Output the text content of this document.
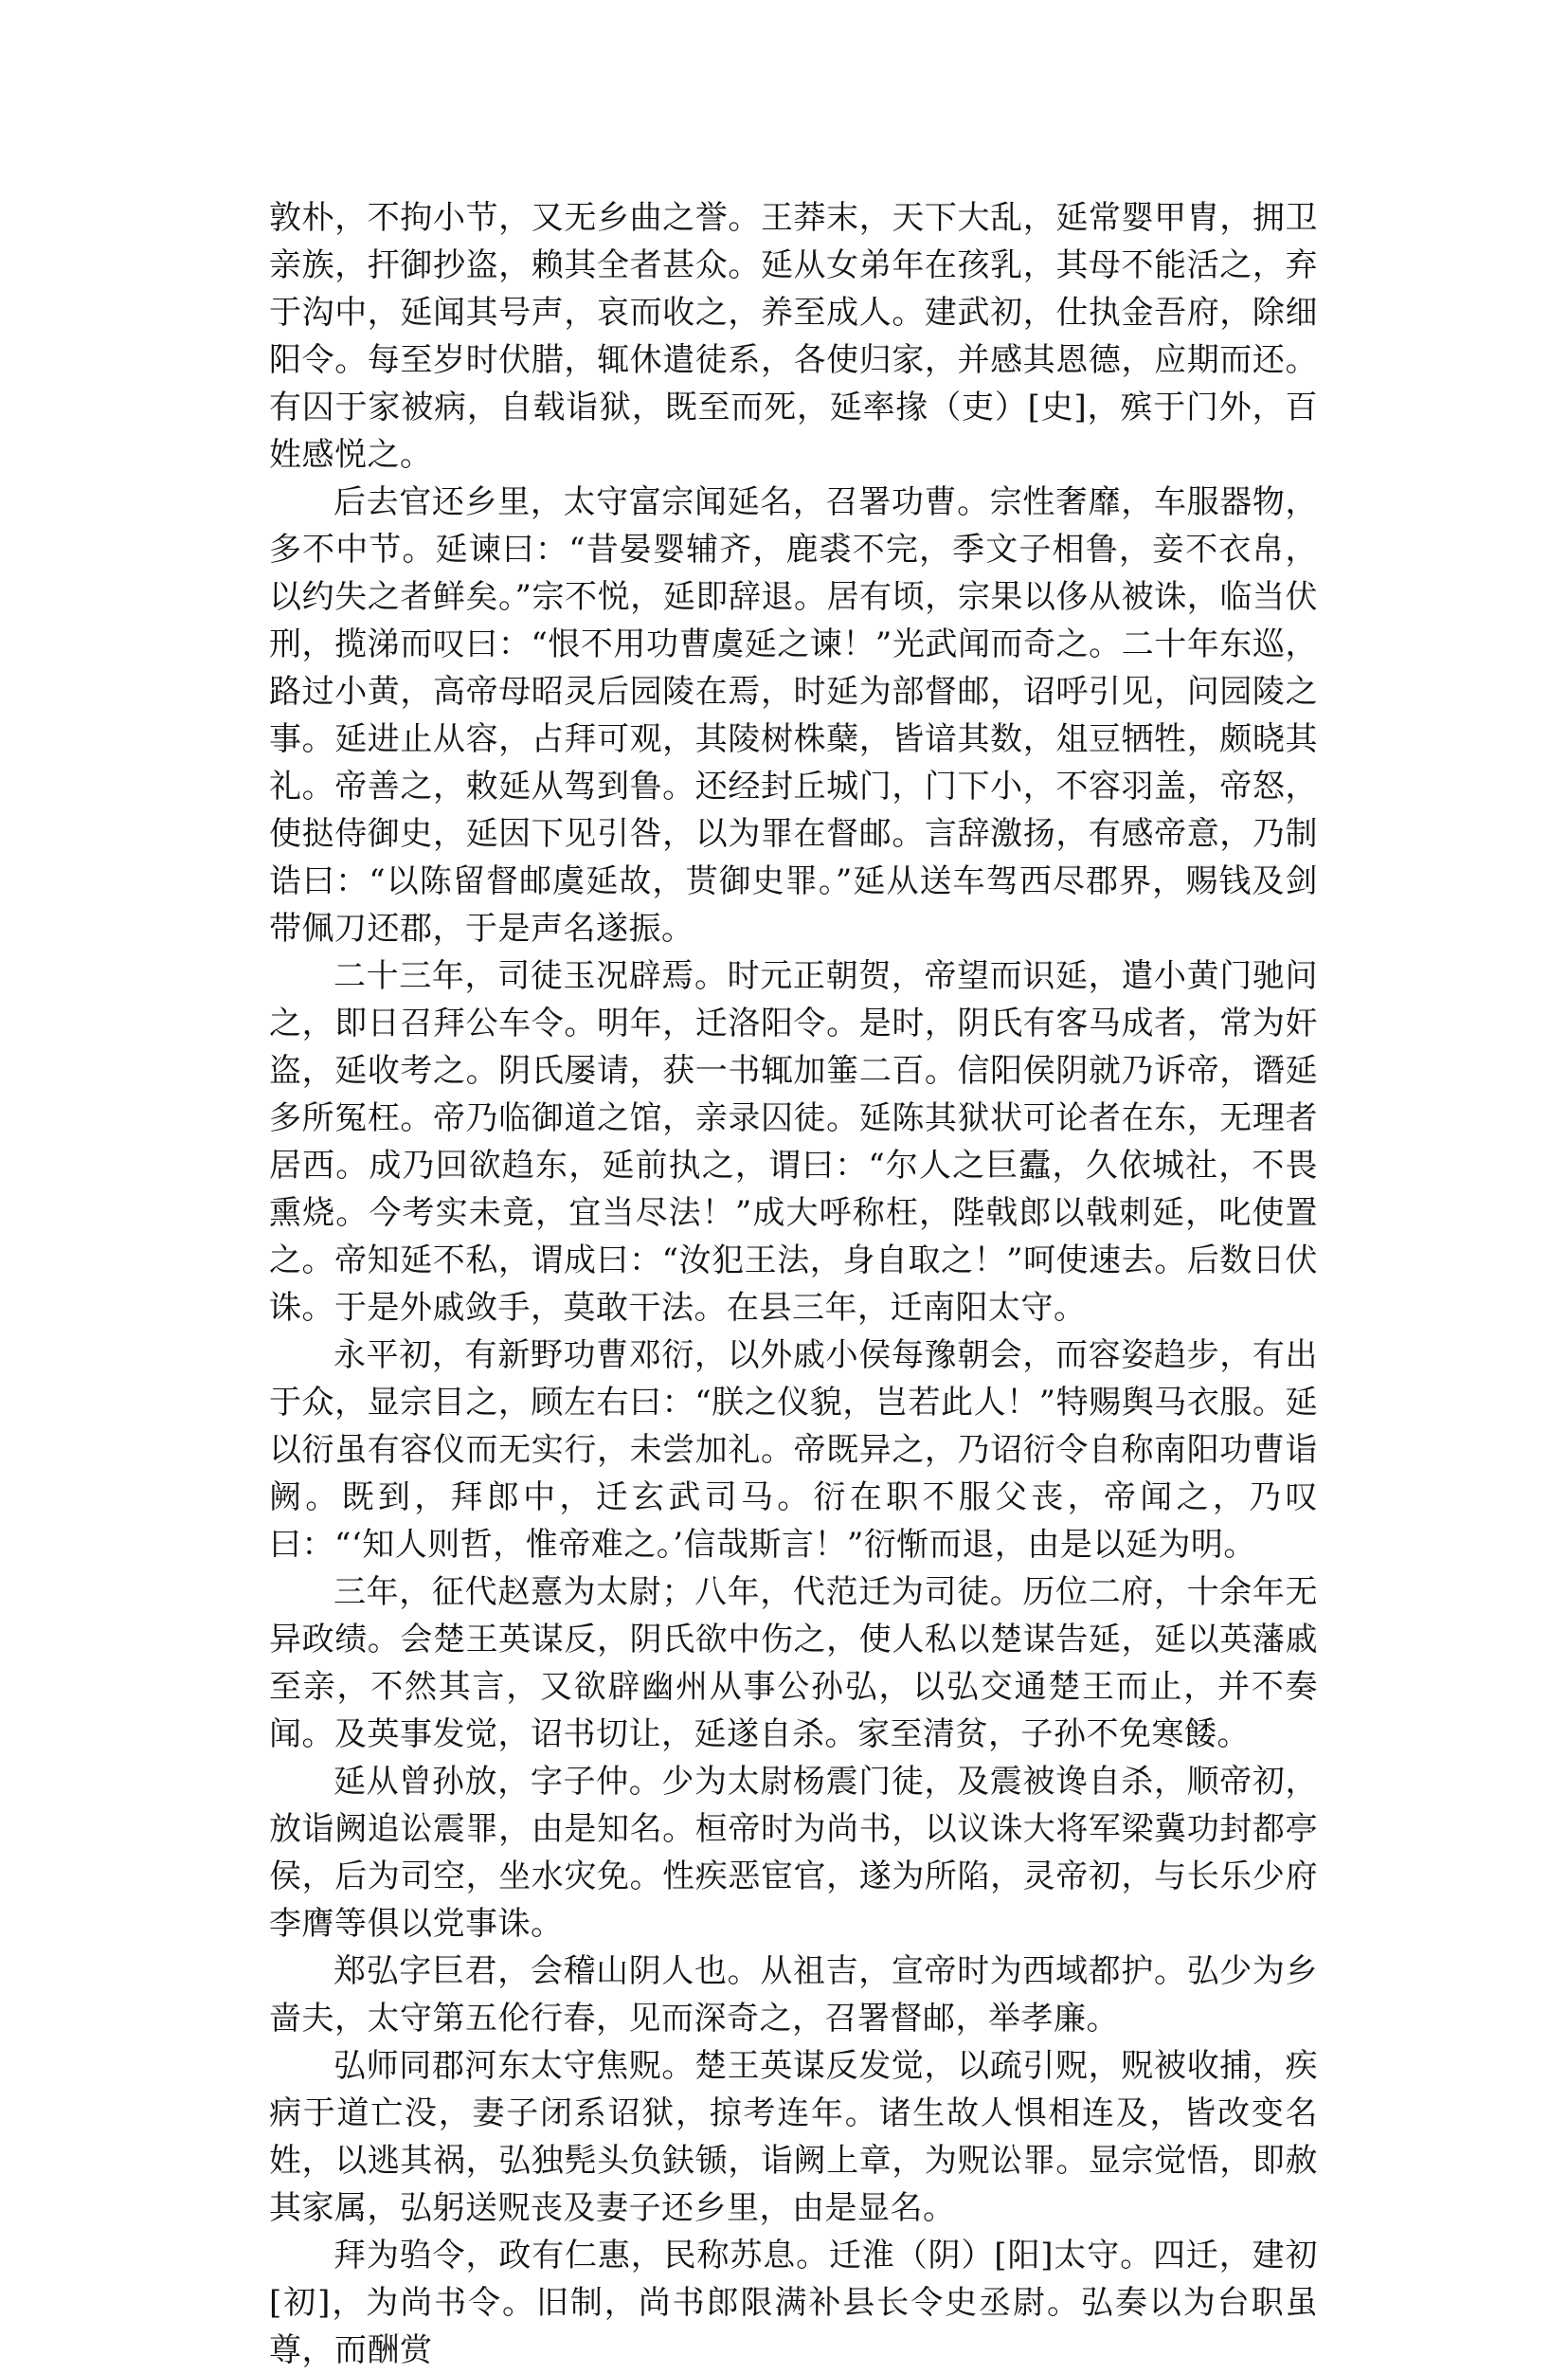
敦朴，不拘小节，又无乡曲之誉。王莽末，天下大乱，延常婴甲胄，拥卫亲族，扞御抄盗，赖其全者甚众。延从女弟年在孩乳，其母不能活之，弃于沟中，延闻其号声，哀而收之，养至成人。建武初，仕执金吾府，除细阳令。每至岁时伏腊，辄休遣徒系，各使归家，并感其恩德，应期而还。有囚于家被病，自载诣狱，既至而死，延率掾（吏）[史]，殡于门外，百姓感悦之。

后去官还乡里，太守富宗闻延名，召署功曹。宗性奢靡，车服器物，多不中节。延谏曰：“昔晏婴辅齐，鹿裘不完，季文子相鲁，妾不衣帛，以约失之者鲜矣。”宗不悦，延即辞退。居有顷，宗果以侈从被诛，临当伏刑，揽涕而叹曰：“恨不用功曹虞延之谏！”光武闻而奇之。二十年东巡，路过小黄，高帝母昭灵后园陵在焉，时延为部督邮，诏呼引见，问园陵之事。延进止从容，占拜可观，其陵树株蘖，皆谙其数，俎豆牺牲，颇晓其礼。帝善之，敕延从驾到鲁。还经封丘城门，门下小，不容羽盖，帝怒，使挞侍御史，延因下见引咎，以为罪在督邮。言辞激扬，有感帝意，乃制诰曰：“以陈留督邮虞延故，贳御史罪。”延从送车驾西尽郡界，赐钱及剑带佩刀还郡，于是声名遂振。

二十三年，司徒玉况辟焉。时元正朝贺，帝望而识延，遣小黄门驰问之，即日召拜公车令。明年，迁洛阳令。是时，阴氏有客马成者，常为奸盗，延收考之。阴氏屡请，获一书辄加箠二百。信阳侯阴就乃诉帝，谮延多所冤枉。帝乃临御道之馆，亲录囚徒。延陈其狱状可论者在东，无理者居西。成乃回欲趋东，延前执之，谓曰：“尔人之巨蠹，久依城社，不畏熏烧。今考实未竟，宜当尽法！”成大呼称枉，陛戟郎以戟刺延，叱使置之。帝知延不私，谓成曰：“汝犯王法，身自取之！”呵使速去。后数日伏诛。于是外戚敛手，莫敢干法。在县三年，迁南阳太守。

永平初，有新野功曹邓衍，以外戚小侯每豫朝会，而容姿趋步，有出于众，显宗目之，顾左右曰：“朕之仪貌，岂若此人！”特赐舆马衣服。延以衍虽有容仪而无实行，未尝加礼。帝既异之，乃诏衍令自称南阳功曹诣阙。既到，拜郎中，迁玄武司马。衍在职不服父丧，帝闻之，乃叹曰：“‘知人则哲，惟帝难之。’信哉斯言！”衍惭而退，由是以延为明。

三年，征代赵憙为太尉；八年，代范迁为司徒。历位二府，十余年无异政绩。会楚王英谋反，阴氏欲中伤之，使人私以楚谋告延，延以英藩戚至亲，不然其言，又欲辟幽州从事公孙弘，以弘交通楚王而止，并不奏闻。及英事发觉，诏书切让，延遂自杀。家至清贫，子孙不免寒餧。

延从曾孙放，字子仲。少为太尉杨震门徒，及震被谗自杀，顺帝初，放诣阙追讼震罪，由是知名。桓帝时为尚书，以议诛大将军梁冀功封都亭侯，后为司空，坐水灾免。性疾恶宦官，遂为所陷，灵帝初，与长乐少府李膺等俱以党事诛。

郑弘字巨君，会稽山阴人也。从祖吉，宣帝时为西域都护。弘少为乡啬夫，太守第五伦行春，见而深奇之，召署督邮，举孝廉。

弘师同郡河东太守焦贶。楚王英谋反发觉，以疏引贶，贶被收捕，疾病于道亡没，妻子闭系诏狱，掠考连年。诸生故人惧相连及，皆改变名姓，以逃其祸，弘独髡头负鈇锧，诣阙上章，为贶讼罪。显宗觉悟，即赦其家属，弘躬送贶丧及妻子还乡里，由是显名。

拜为驺令，政有仁惠，民称苏息。迁淮（阴）[阳]太守。四迁，建初[初]，为尚书令。旧制，尚书郎限满补县长令史丞尉。弘奏以为台职虽尊，而酬赏
